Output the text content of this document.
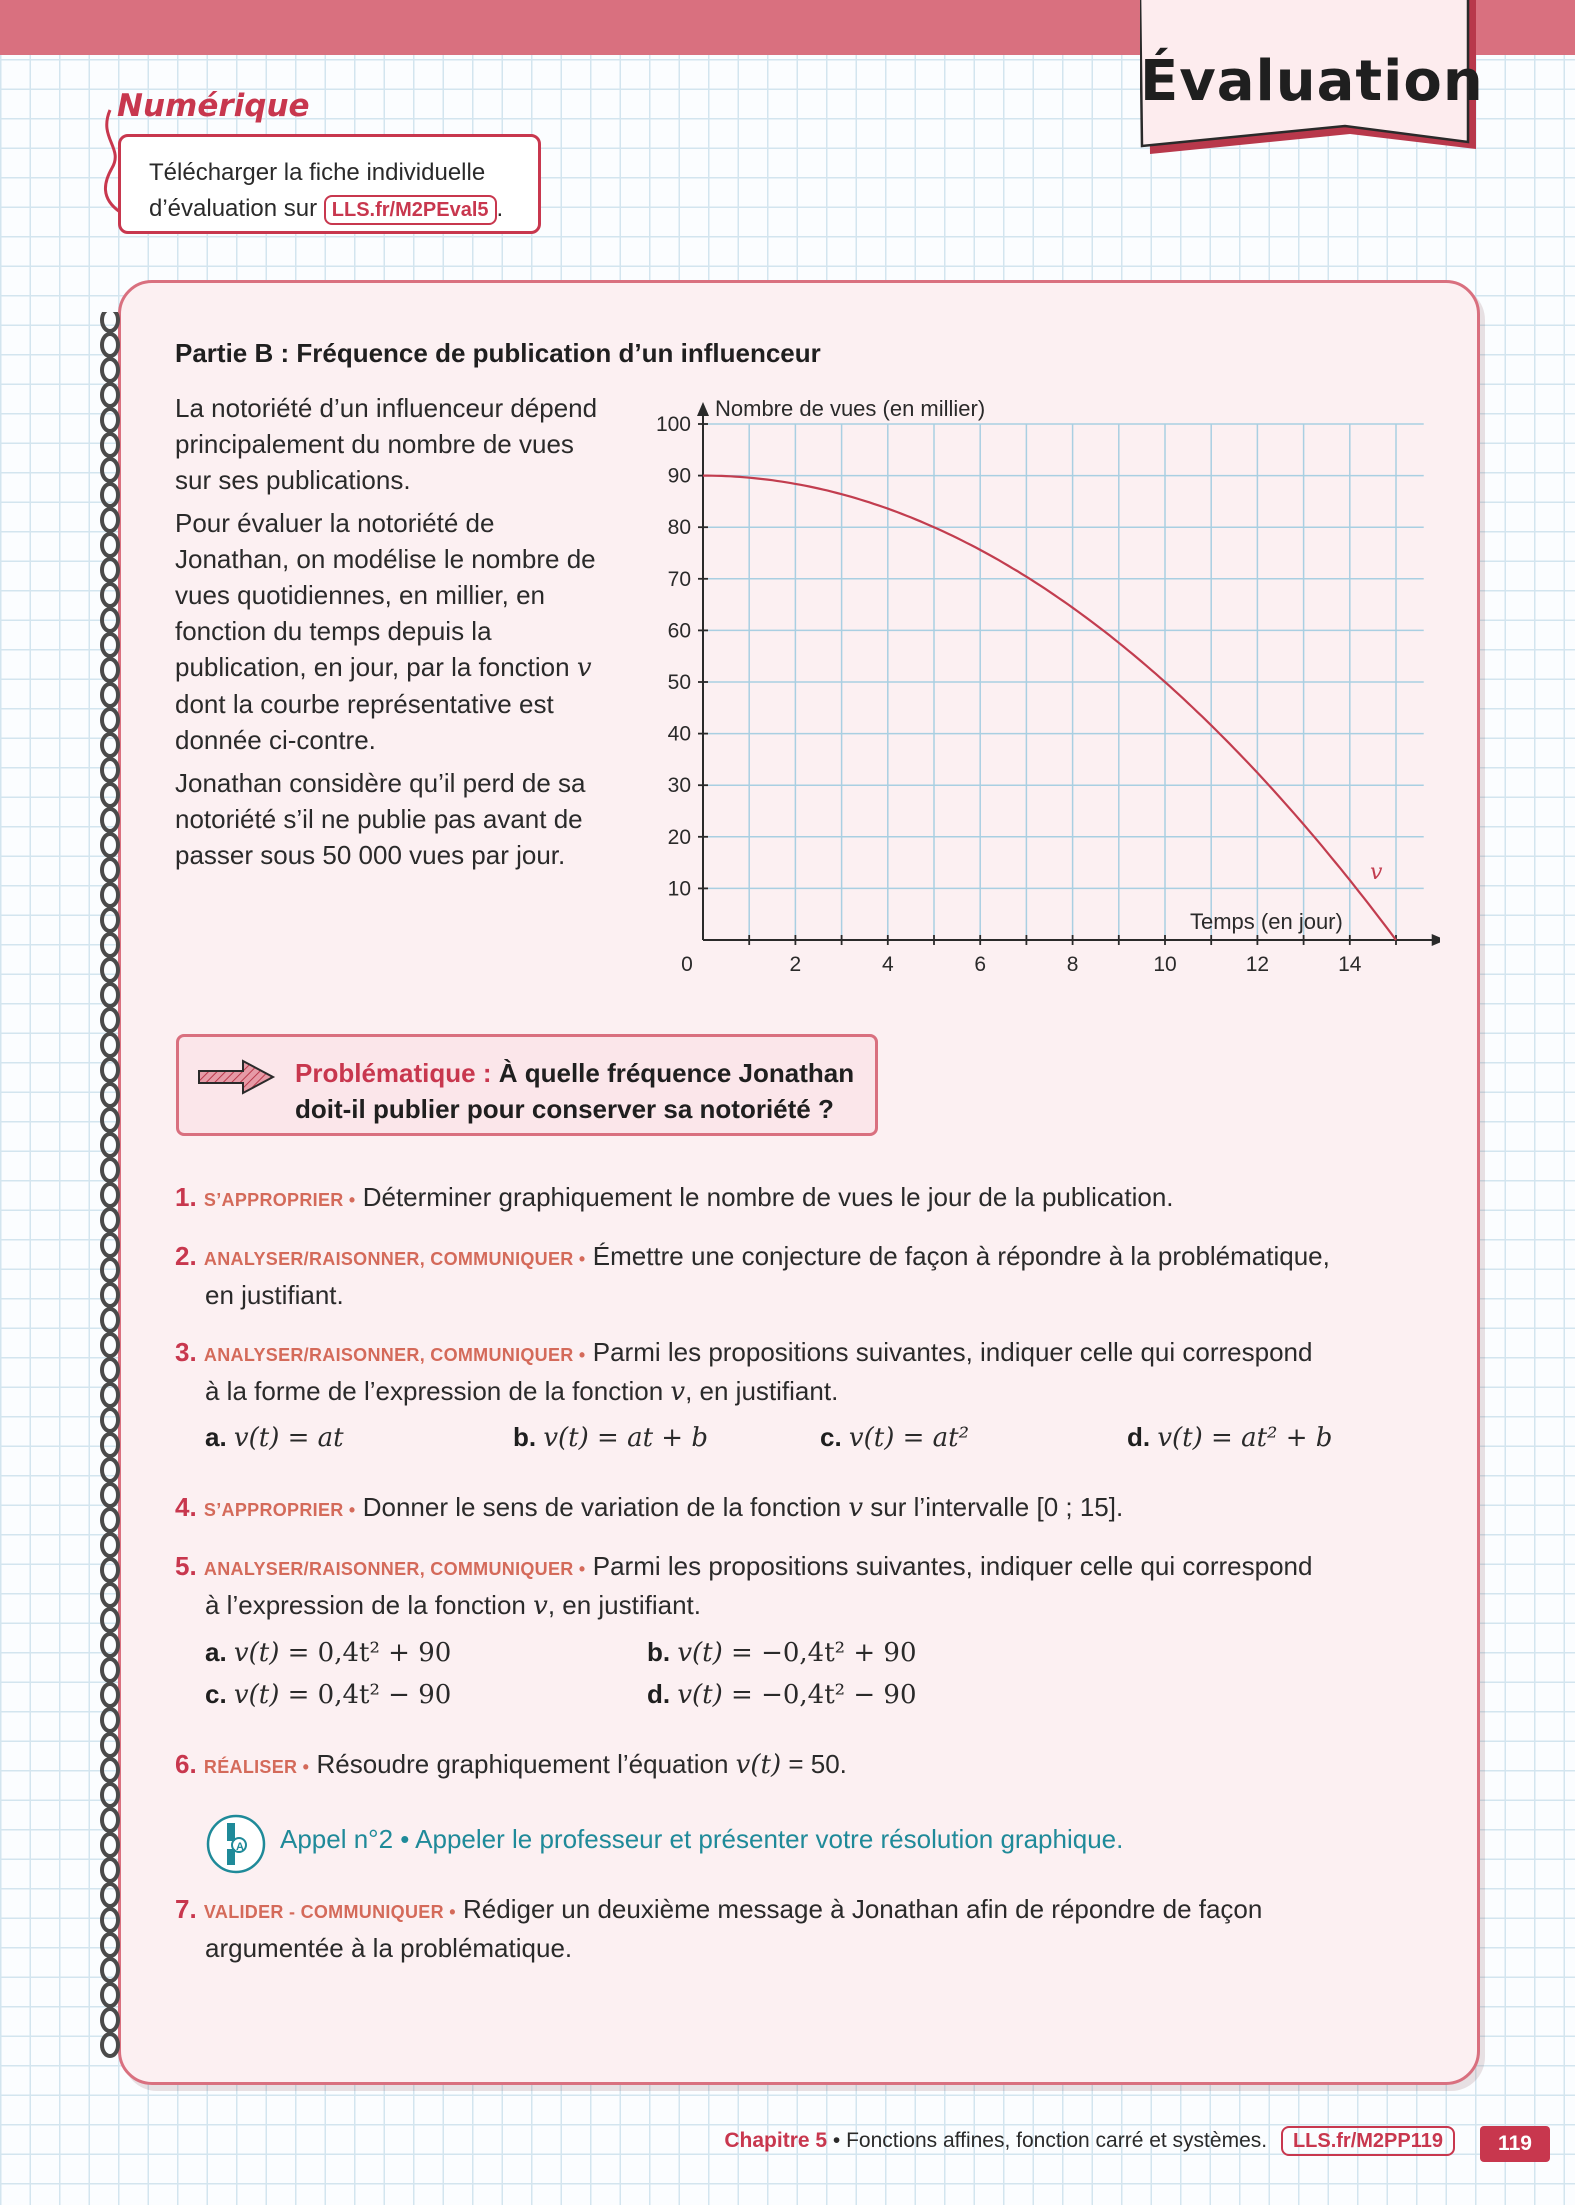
Évaluation
Numérique
Télécharger la fiche individuelle
d’évaluation sur LLS.fr/M2PEval5 .
Partie B : Fréquence de publication d’un influenceur

La notoriété d’un influenceur dépend principalement du nombre de vues sur ses publications.

Pour évaluer la notoriété de Jonathan, on modélise le nombre de vues quotidiennes, en millier, en fonction du temps depuis la publication, en jour, par la fonction v dont la courbe représentative est donnée ci-contre.

Jonathan considère qu’il perd de sa notoriété s’il ne publie pas avant de passer sous 50 000 vues par jour.

Nombre de vues (en millier)
Temps (en jour)
v
0	2	4	6	8	10	12	14
10
20
30
40
50
60
70
80
90
100
Problématique : À quelle fréquence Jonathan doit-il publier pour conserver sa notoriété ?
1. S’APPROPRIER • Déterminer graphiquement le nombre de vues le jour de la publication.
2. ANALYSER/RAISONNER, COMMUNIQUER • Émettre une conjecture de façon à répondre à la problématique,
en justifiant.
3. ANALYSER/RAISONNER, COMMUNIQUER • Parmi les propositions suivantes, indiquer celle qui correspond
à la forme de l’expression de la fonction v, en justifiant.
a. v(t) = at	b. v(t) = at + b	c. v(t) = at²	d. v(t) = at² + b
4. S’APPROPRIER • Donner le sens de variation de la fonction v sur l’intervalle [0 ; 15].
5. ANALYSER/RAISONNER, COMMUNIQUER • Parmi les propositions suivantes, indiquer celle qui correspond
à l’expression de la fonction v, en justifiant.
a. v(t) = 0,4t² + 90	b. v(t) = −0,4t² + 90
c. v(t) = 0,4t² − 90	d. v(t) = −0,4t² − 90
6. RÉALISER • Résoudre graphiquement l’équation v(t) = 50.
A Appel n°2 • Appeler le professeur et présenter votre résolution graphique.
7. VALIDER - COMMUNIQUER • Rédiger un deuxième message à Jonathan afin de répondre de façon
argumentée à la problématique.
Chapitre 5 • Fonctions affines, fonction carré et systèmes. LLS.fr/M2PP119	119
